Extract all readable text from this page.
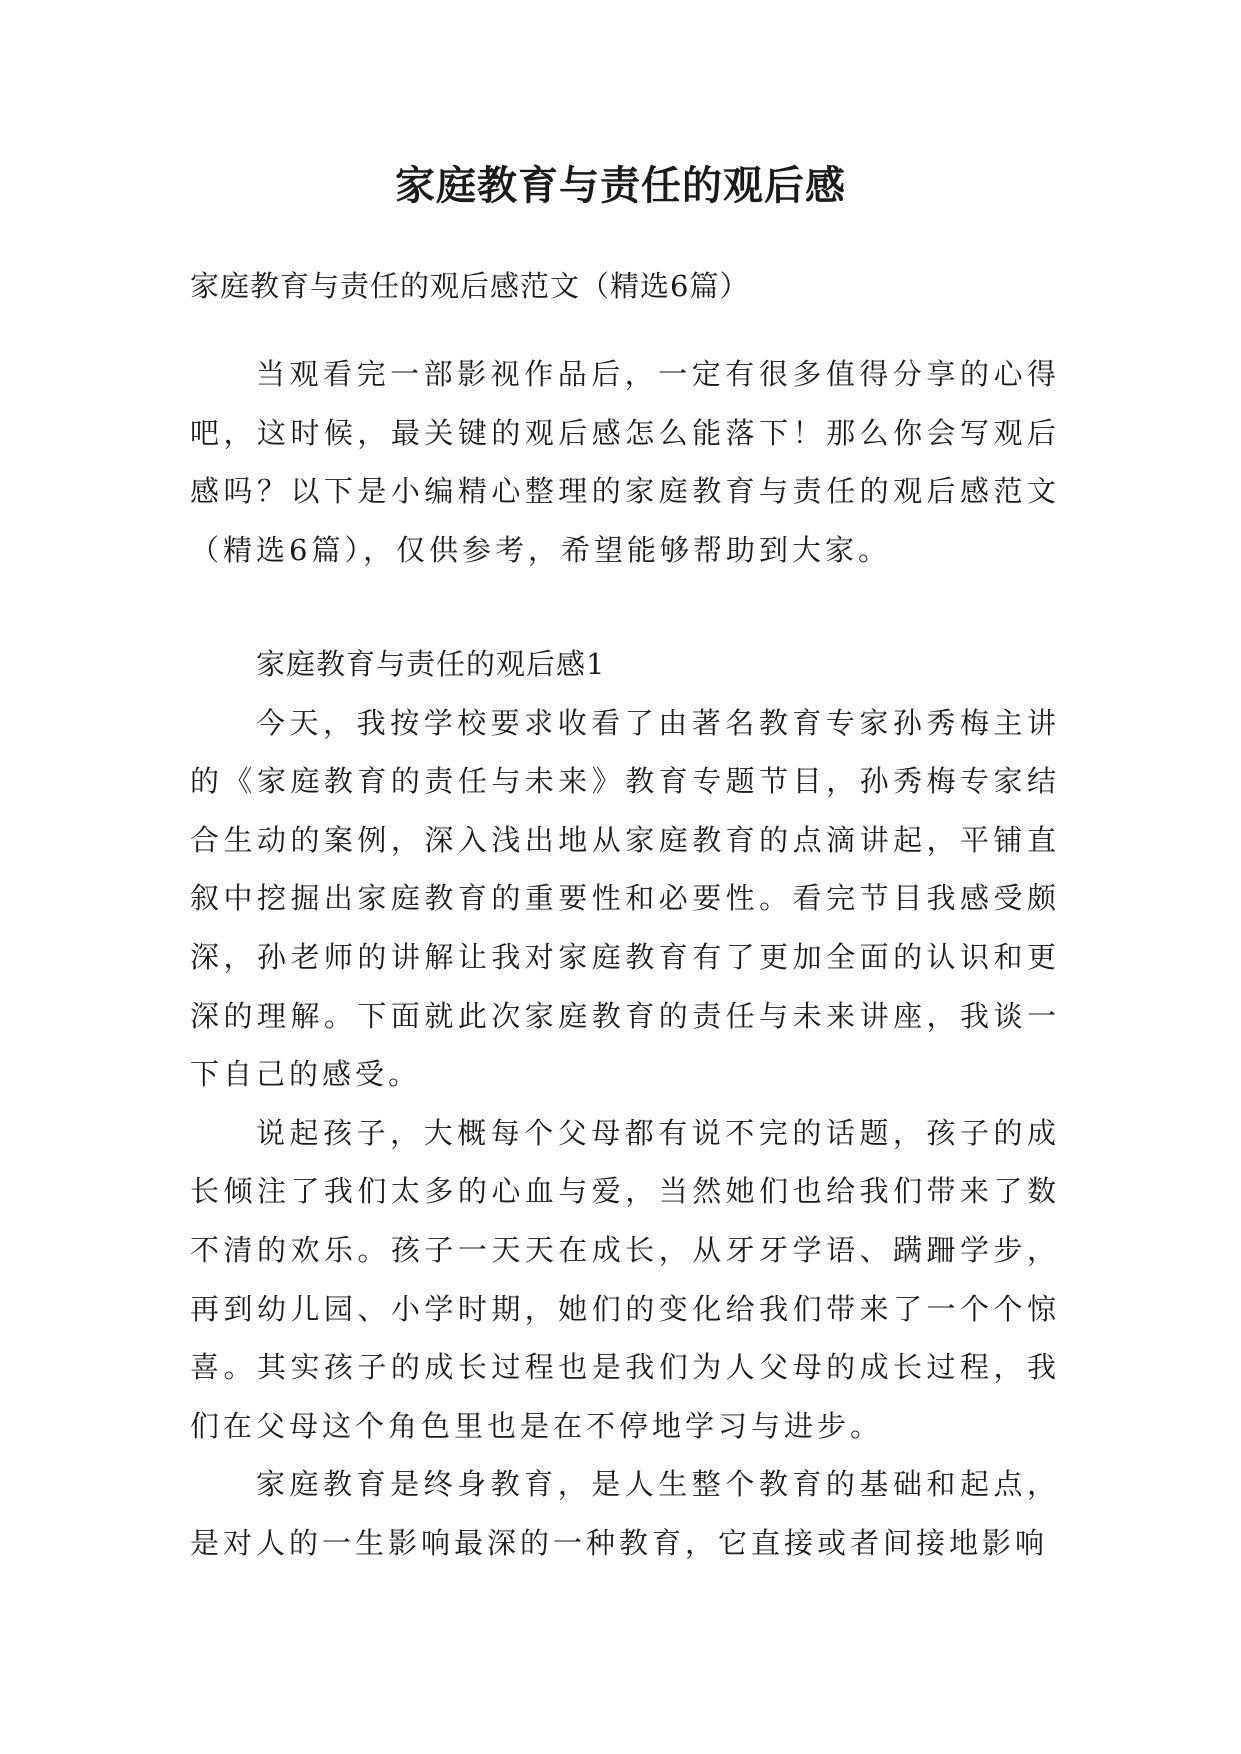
家庭教育与责任的观后感

家庭教育与责任的观后感范文（精选6篇）

当观看完一部影视作品后，一定有很多值得分享的心得吧，这时候，最关键的观后感怎么能落下！那么你会写观后感吗？以下是小编精心整理的家庭教育与责任的观后感范文（精选6篇），仅供参考，希望能够帮助到大家。

家庭教育与责任的观后感1

今天，我按学校要求收看了由著名教育专家孙秀梅主讲的《家庭教育的责任与未来》教育专题节目，孙秀梅专家结合生动的案例，深入浅出地从家庭教育的点滴讲起，平铺直叙中挖掘出家庭教育的重要性和必要性。看完节目我感受颇深，孙老师的讲解让我对家庭教育有了更加全面的认识和更深的理解。下面就此次家庭教育的责任与未来讲座，我谈一下自己的感受。

说起孩子，大概每个父母都有说不完的话题，孩子的成长倾注了我们太多的心血与爱，当然她们也给我们带来了数不清的欢乐。孩子一天天在成长，从牙牙学语、蹒跚学步，再到幼儿园、小学时期，她们的变化给我们带来了一个个惊喜。其实孩子的成长过程也是我们为人父母的成长过程，我们在父母这个角色里也是在不停地学习与进步。

家庭教育是终身教育，是人生整个教育的基础和起点，是对人的一生影响最深的一种教育，它直接或者间接地影响
